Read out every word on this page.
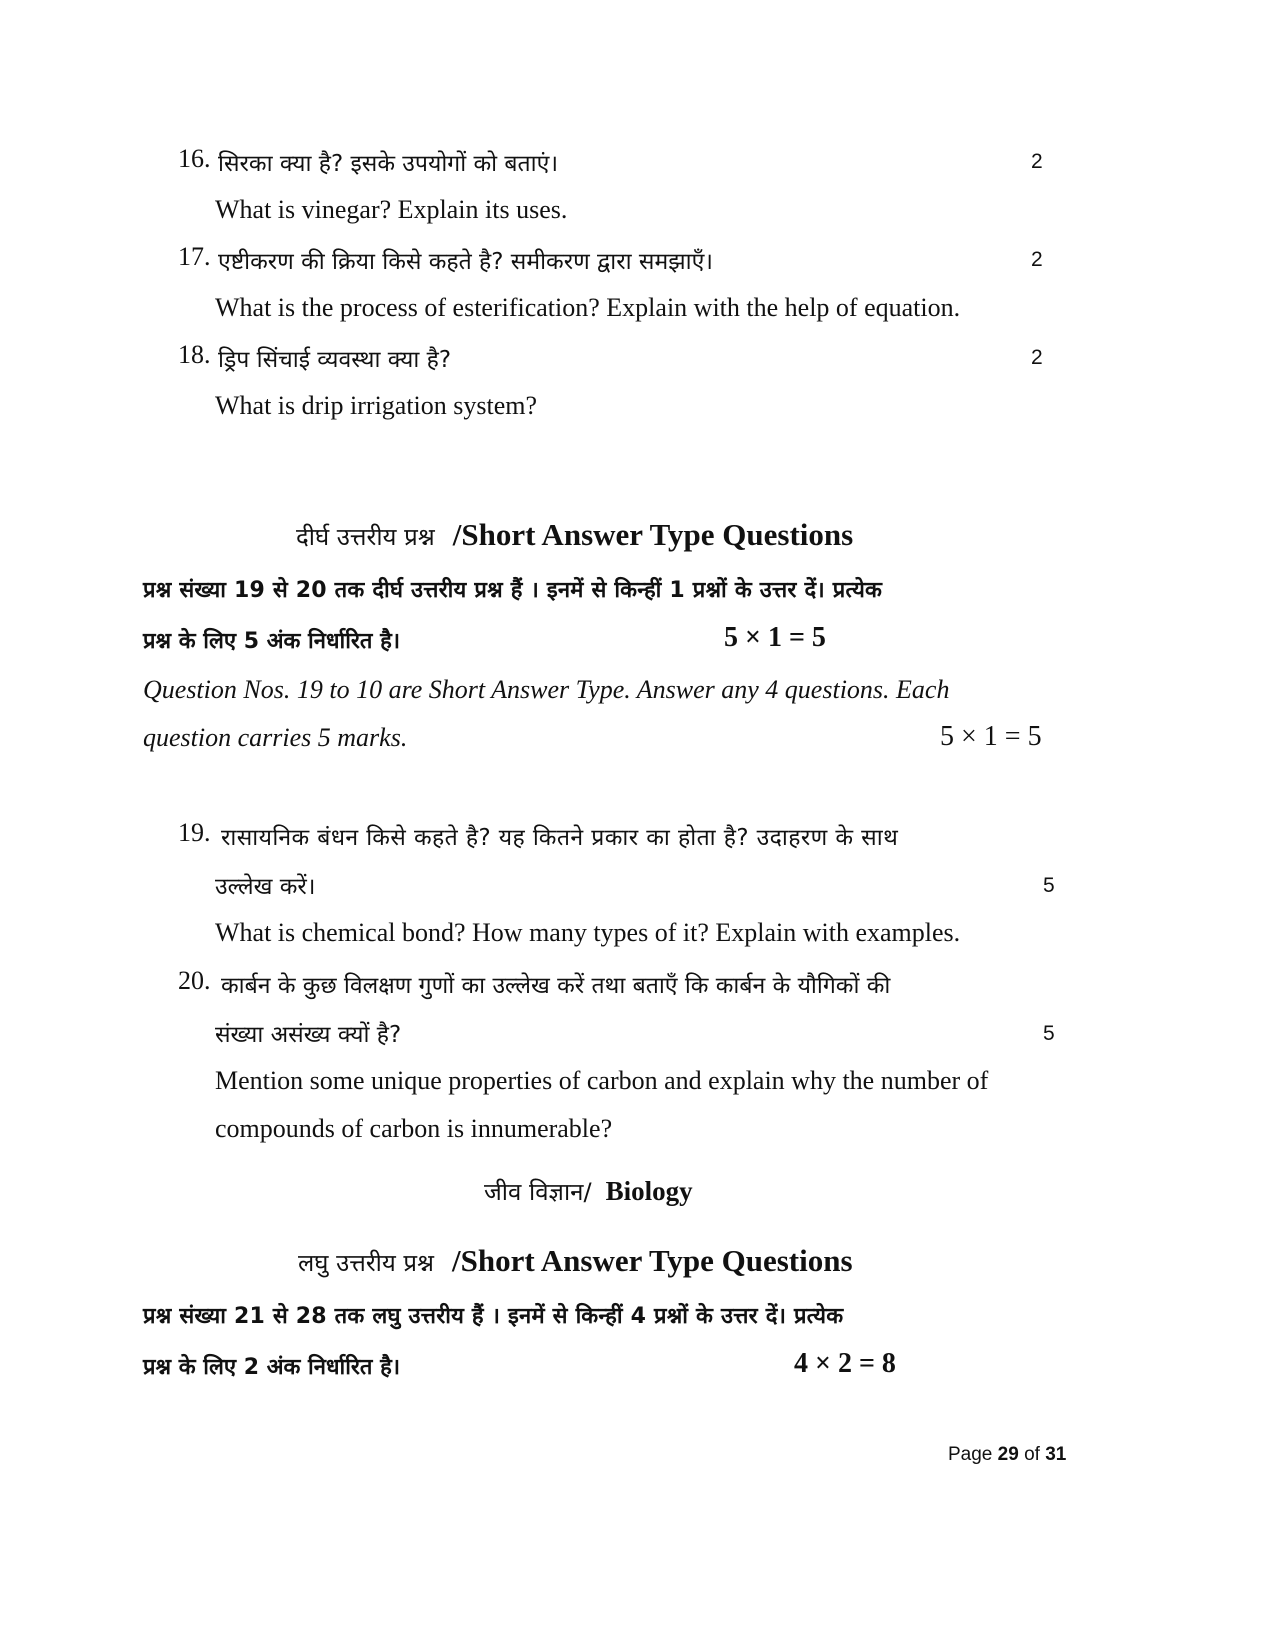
16. सिरका क्या है? इसके उपयोगों को बताएं।	2
What is vinegar? Explain its uses.
17. एष्टीकरण की क्रिया किसे कहते है? समीकरण द्वारा समझाएँ।	2
What is the process of esterification? Explain with the help of equation.
18. ड्रिप सिंचाई व्यवस्था क्या है?	2
What is drip irrigation system?
दीर्घ उत्तरीय प्रश्न /Short Answer Type Questions
प्रश्न संख्या 19 से 20 तक दीर्घ उत्तरीय प्रश्न हैं । इनमें से किन्हीं 1 प्रश्नों के उत्तर दें। प्रत्येक
प्रश्न के लिए 5 अंक निर्धारित है।	5 × 1 = 5
Question Nos. 19 to 10 are Short Answer Type. Answer any 4 questions. Each
question carries 5 marks.	5 × 1 = 5
19. रासायनिक बंधन किसे कहते है? यह कितने प्रकार का होता है? उदाहरण के साथ
उल्लेख करें।	5
What is chemical bond? How many types of it? Explain with examples.
20. कार्बन के कुछ विलक्षण गुणों का उल्लेख करें तथा बताएँ कि कार्बन के यौगिकों की
संख्या असंख्य क्यों है?	5
Mention some unique properties of carbon and explain why the number of
compounds of carbon is innumerable?
जीव विज्ञान/ Biology
लघु उत्तरीय प्रश्न /Short Answer Type Questions
प्रश्न संख्या 21 से 28 तक लघु उत्तरीय हैं । इनमें से किन्हीं 4 प्रश्नों के उत्तर दें। प्रत्येक
प्रश्न के लिए 2 अंक निर्धारित है।	4 × 2 = 8
Page 29 of 31
